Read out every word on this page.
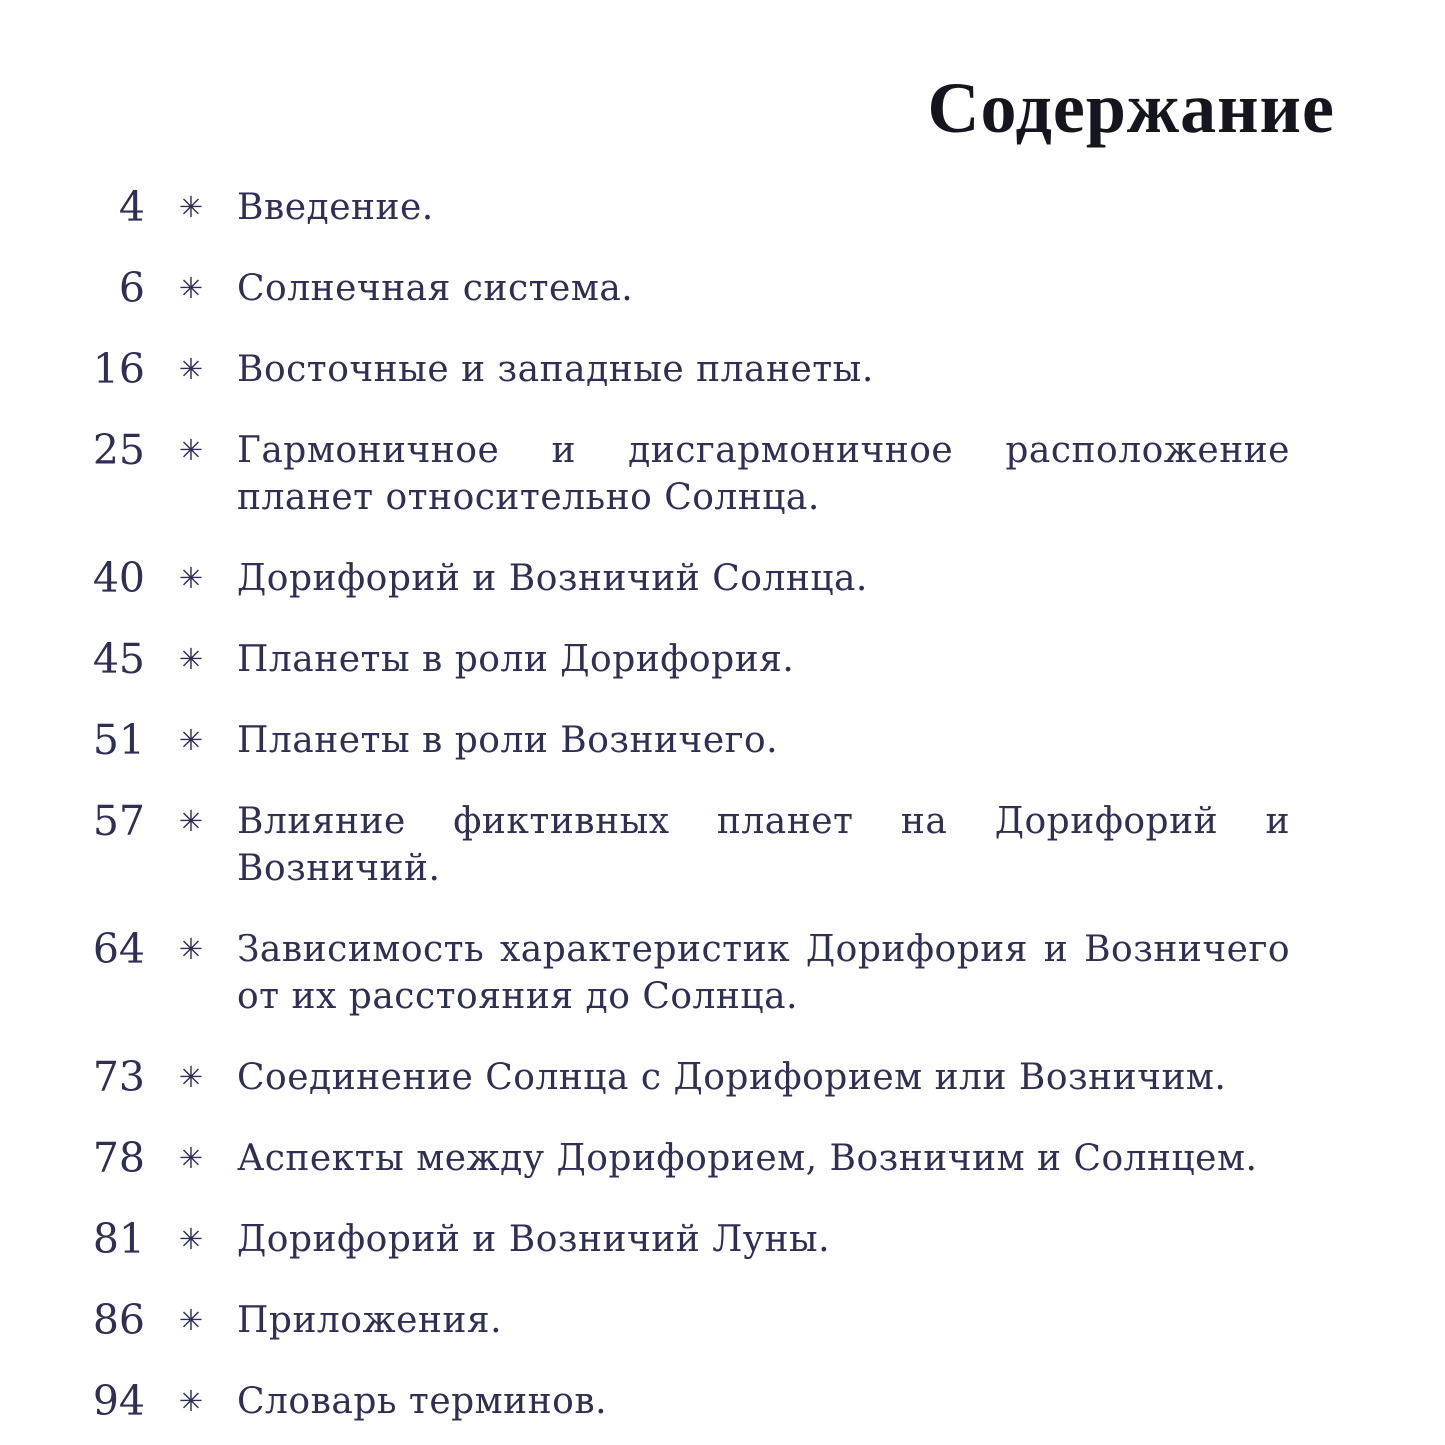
Содержание
4	✳ Введение.
6	✳ Солнечная система.
16	✳ Восточные и западные планеты.
25	✳ Гармоничное и дисгармоничное расположение планет относительно Солнца.
40	✳ Дорифорий и Возничий Солнца.
45	✳ Планеты в роли Дорифория.
51	✳ Планеты в роли Возничего.
57	✳ Влияние фиктивных планет на Дорифорий и Возничий.
64	✳ Зависимость характеристик Дорифория и Возничего от их расстояния до Солнца.
73	✳ Соединение Солнца с Дорифорием или Возничим.
78	✳ Аспекты между Дорифорием, Возничим и Солнцем.
81	✳ Дорифорий и Возничий Луны.
86	✳ Приложения.
94	✳ Словарь терминов.
